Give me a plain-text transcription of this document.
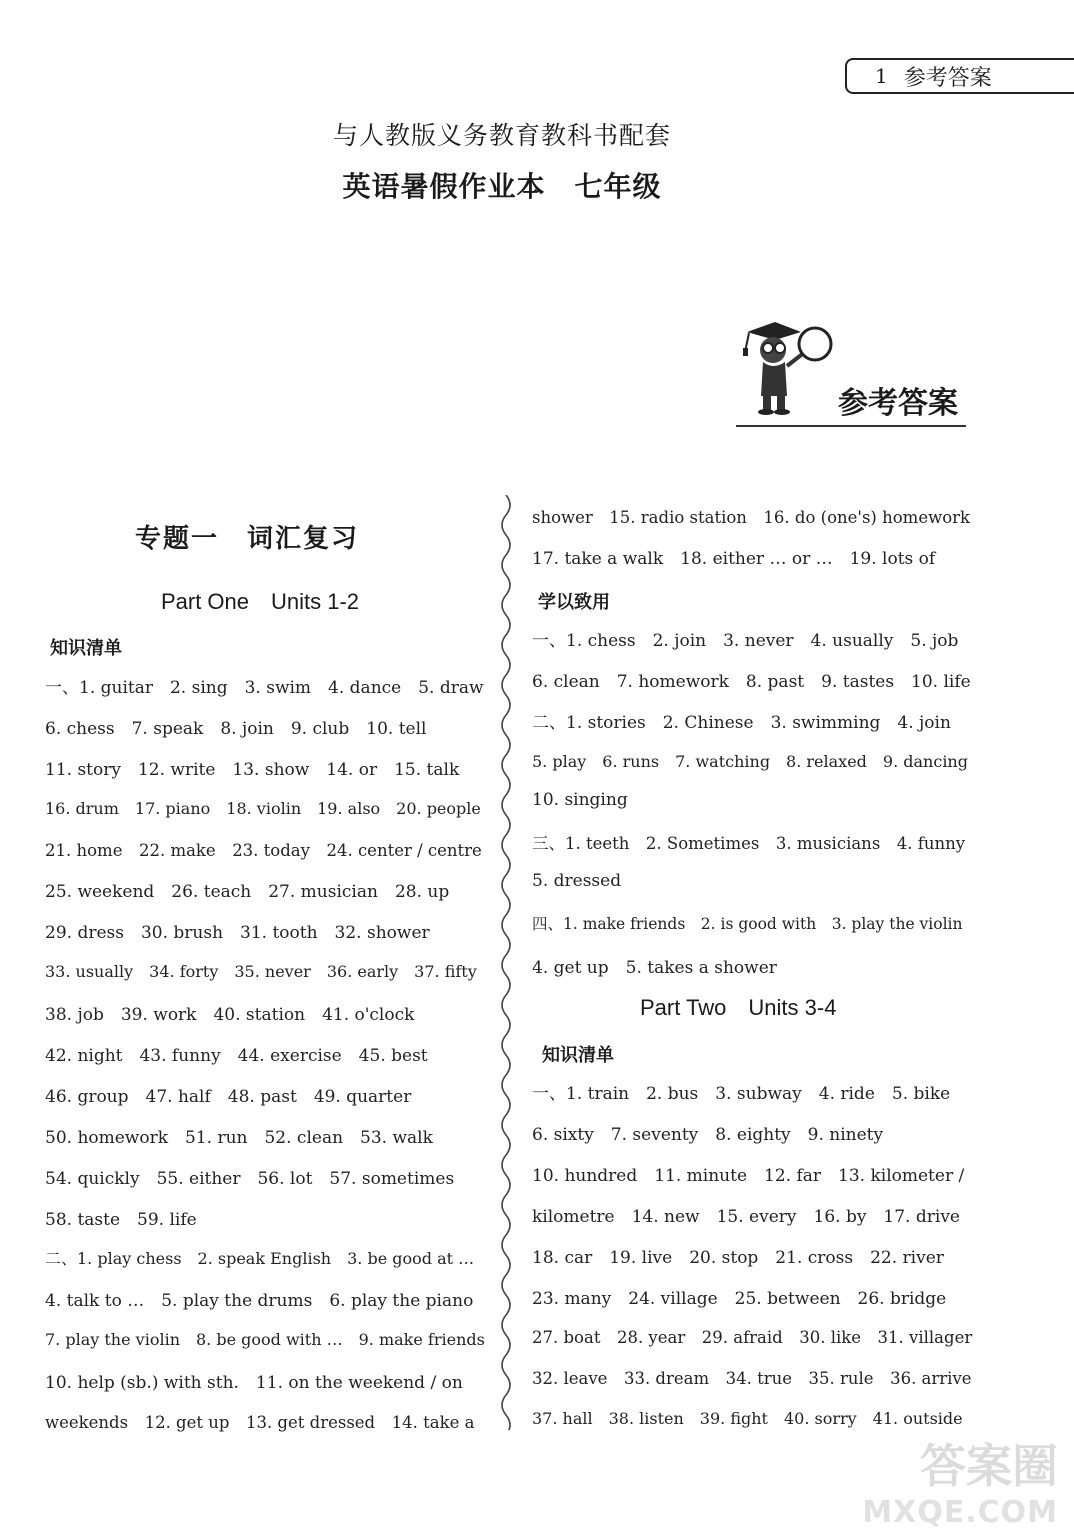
1 参考答案
与人教版义务教育教科书配套
英语暑假作业本　七年级
参考答案
专题一　词汇复习
Part One　Units 1-2
知识清单
一、1. guitar　2. sing　3. swim　4. dance　5. draw
6. chess　7. speak　8. join　9. club　10. tell
11. story　12. write　13. show　14. or　15. talk
16. drum　17. piano　18. violin　19. also　20. people
21. home　22. make　23. today　24. center / centre
25. weekend　26. teach　27. musician　28. up
29. dress　30. brush　31. tooth　32. shower
33. usually　34. forty　35. never　36. early　37. fifty
38. job　39. work　40. station　41. o'clock
42. night　43. funny　44. exercise　45. best
46. group　47. half　48. past　49. quarter
50. homework　51. run　52. clean　53. walk
54. quickly　55. either　56. lot　57. sometimes
58. taste　59. life
二、1. play chess　2. speak English　3. be good at …
4. talk to …　5. play the drums　6. play the piano
7. play the violin　8. be good with …　9. make friends
10. help (sb.) with sth.　11. on the weekend / on
weekends　12. get up　13. get dressed　14. take a
shower　15. radio station　16. do (one's) homework
17. take a walk　18. either … or …　19. lots of
学以致用
一、1. chess　2. join　3. never　4. usually　5. job
6. clean　7. homework　8. past　9. tastes　10. life
二、1. stories　2. Chinese　3. swimming　4. join
5. play　6. runs　7. watching　8. relaxed　9. dancing
10. singing
三、1. teeth　2. Sometimes　3. musicians　4. funny
5. dressed
四、1. make friends　2. is good with　3. play the violin
4. get up　5. takes a shower
Part Two　Units 3-4
知识清单
一、1. train　2. bus　3. subway　4. ride　5. bike
6. sixty　7. seventy　8. eighty　9. ninety
10. hundred　11. minute　12. far　13. kilometer /
kilometre　14. new　15. every　16. by　17. drive
18. car　19. live　20. stop　21. cross　22. river
23. many　24. village　25. between　26. bridge
27. boat　28. year　29. afraid　30. like　31. villager
32. leave　33. dream　34. true　35. rule　36. arrive
37. hall　38. listen　39. fight　40. sorry　41. outside
答案圈
MXQE.COM
